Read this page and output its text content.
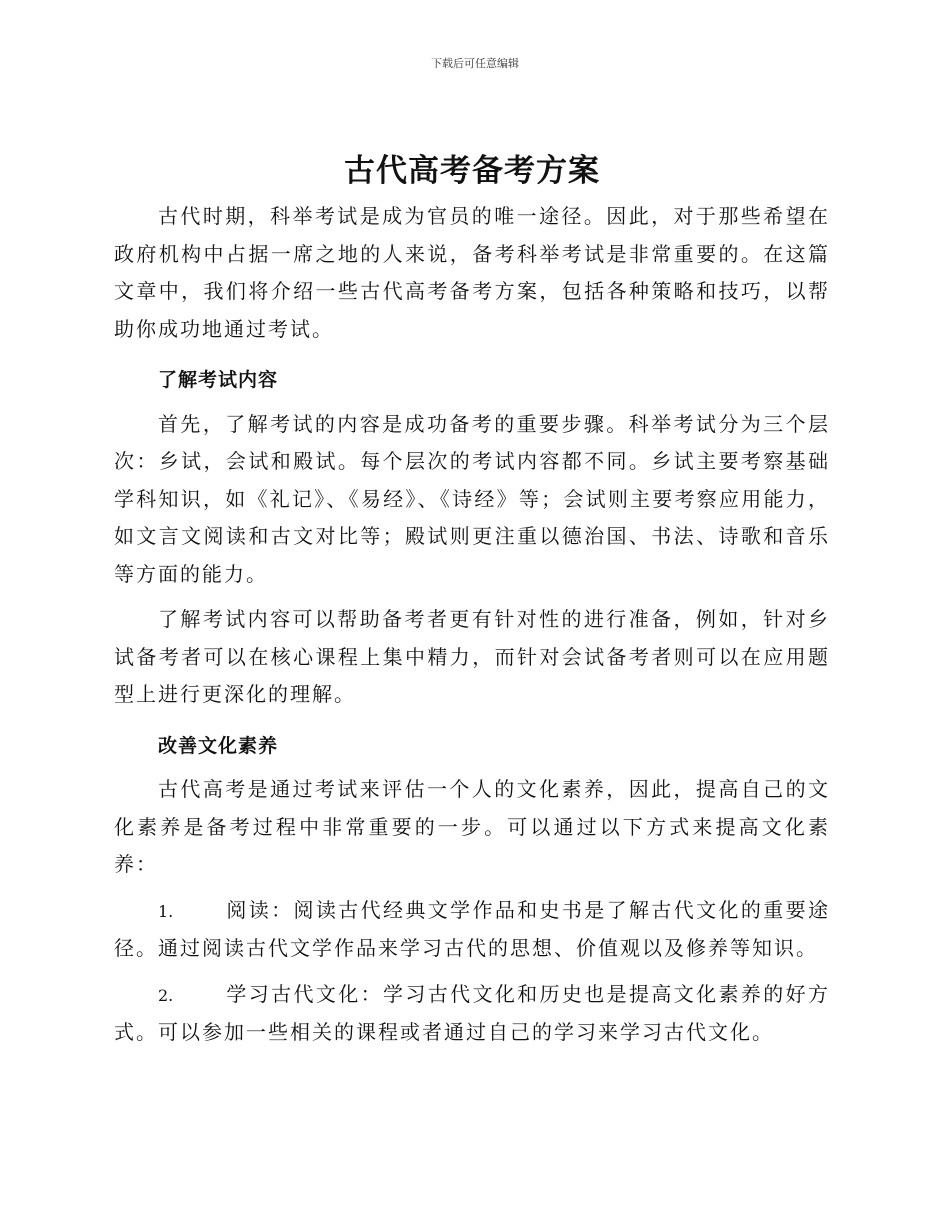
下载后可任意编辑
古代高考备考方案

古代时期，科举考试是成为官员的唯一途径。因此，对于那些希望在政府机构中占据一席之地的人来说，备考科举考试是非常重要的。在这篇文章中，我们将介绍一些古代高考备考方案，包括各种策略和技巧，以帮助你成功地通过考试。

了解考试内容

首先，了解考试的内容是成功备考的重要步骤。科举考试分为三个层次：乡试，会试和殿试。每个层次的考试内容都不同。乡试主要考察基础学科知识，如《礼记》、《易经》、《诗经》等；会试则主要考察应用能力，如文言文阅读和古文对比等；殿试则更注重以德治国、书法、诗歌和音乐等方面的能力。

了解考试内容可以帮助备考者更有针对性的进行准备，例如，针对乡试备考者可以在核心课程上集中精力，而针对会试备考者则可以在应用题型上进行更深化的理解。

改善文化素养

古代高考是通过考试来评估一个人的文化素养，因此，提高自己的文化素养是备考过程中非常重要的一步。可以通过以下方式来提高文化素养：

1.	阅读：阅读古代经典文学作品和史书是了解古代文化的重要途径。通过阅读古代文学作品来学习古代的思想、价值观以及修养等知识。

2.	学习古代文化：学习古代文化和历史也是提高文化素养的好方式。可以参加一些相关的课程或者通过自己的学习来学习古代文化。
